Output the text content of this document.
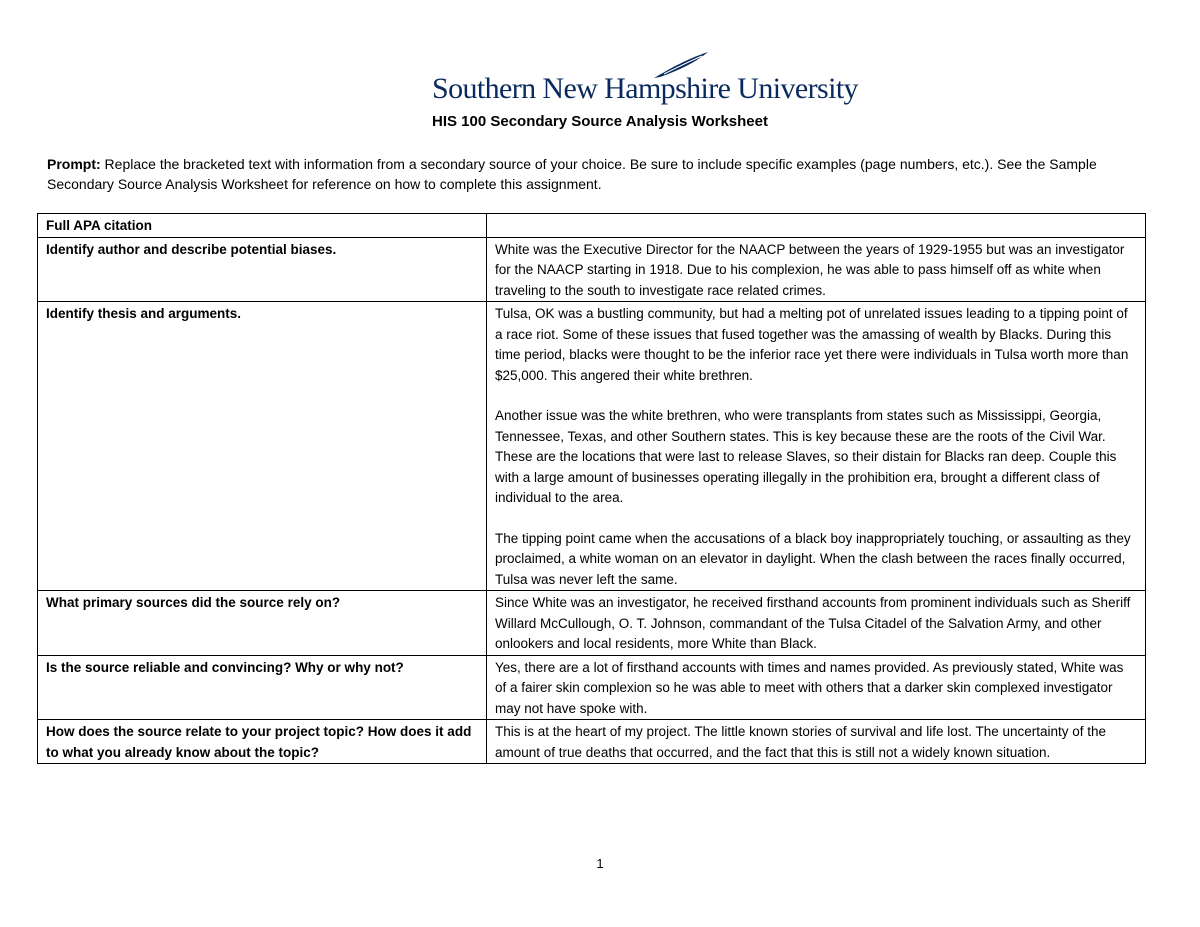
Southern New Hampshire University
HIS 100 Secondary Source Analysis Worksheet
Prompt: Replace the bracketed text with information from a secondary source of your choice. Be sure to include specific examples (page numbers, etc.). See the Sample Secondary Source Analysis Worksheet for reference on how to complete this assignment.
Full APA citation	

Identify author and describe potential biases.	White was the Executive Director for the NAACP between the years of 1929-1955 but was an investigator for the NAACP starting in 1918. Due to his complexion, he was able to pass himself off as white when traveling to the south to investigate race related crimes.

Identify thesis and arguments.	Tulsa, OK was a bustling community, but had a melting pot of unrelated issues leading to a tipping point of a race riot. Some of these issues that fused together was the amassing of wealth by Blacks. During this time period, blacks were thought to be the inferior race yet there were individuals in Tulsa worth more than $25,000. This angered their white brethren.

Another issue was the white brethren, who were transplants from states such as Mississippi, Georgia, Tennessee, Texas, and other Southern states. This is key because these are the roots of the Civil War. These are the locations that were last to release Slaves, so their distain for Blacks ran deep. Couple this with a large amount of businesses operating illegally in the prohibition era, brought a different class of individual to the area.

The tipping point came when the accusations of a black boy inappropriately touching, or assaulting as they proclaimed, a white woman on an elevator in daylight. When the clash between the races finally occurred, Tulsa was never left the same.

What primary sources did the source rely on?	Since White was an investigator, he received firsthand accounts from prominent individuals such as Sheriff Willard McCullough, O. T. Johnson, commandant of the Tulsa Citadel of the Salvation Army, and other onlookers and local residents, more White than Black.

Is the source reliable and convincing? Why or why not?	Yes, there are a lot of firsthand accounts with times and names provided. As previously stated, White was of a fairer skin complexion so he was able to meet with others that a darker skin complexed investigator may not have spoke with.

How does the source relate to your project topic? How does it add to what you already know about the topic?	This is at the heart of my project. The little known stories of survival and life lost. The uncertainty of the amount of true deaths that occurred, and the fact that this is still not a widely known situation.

1
